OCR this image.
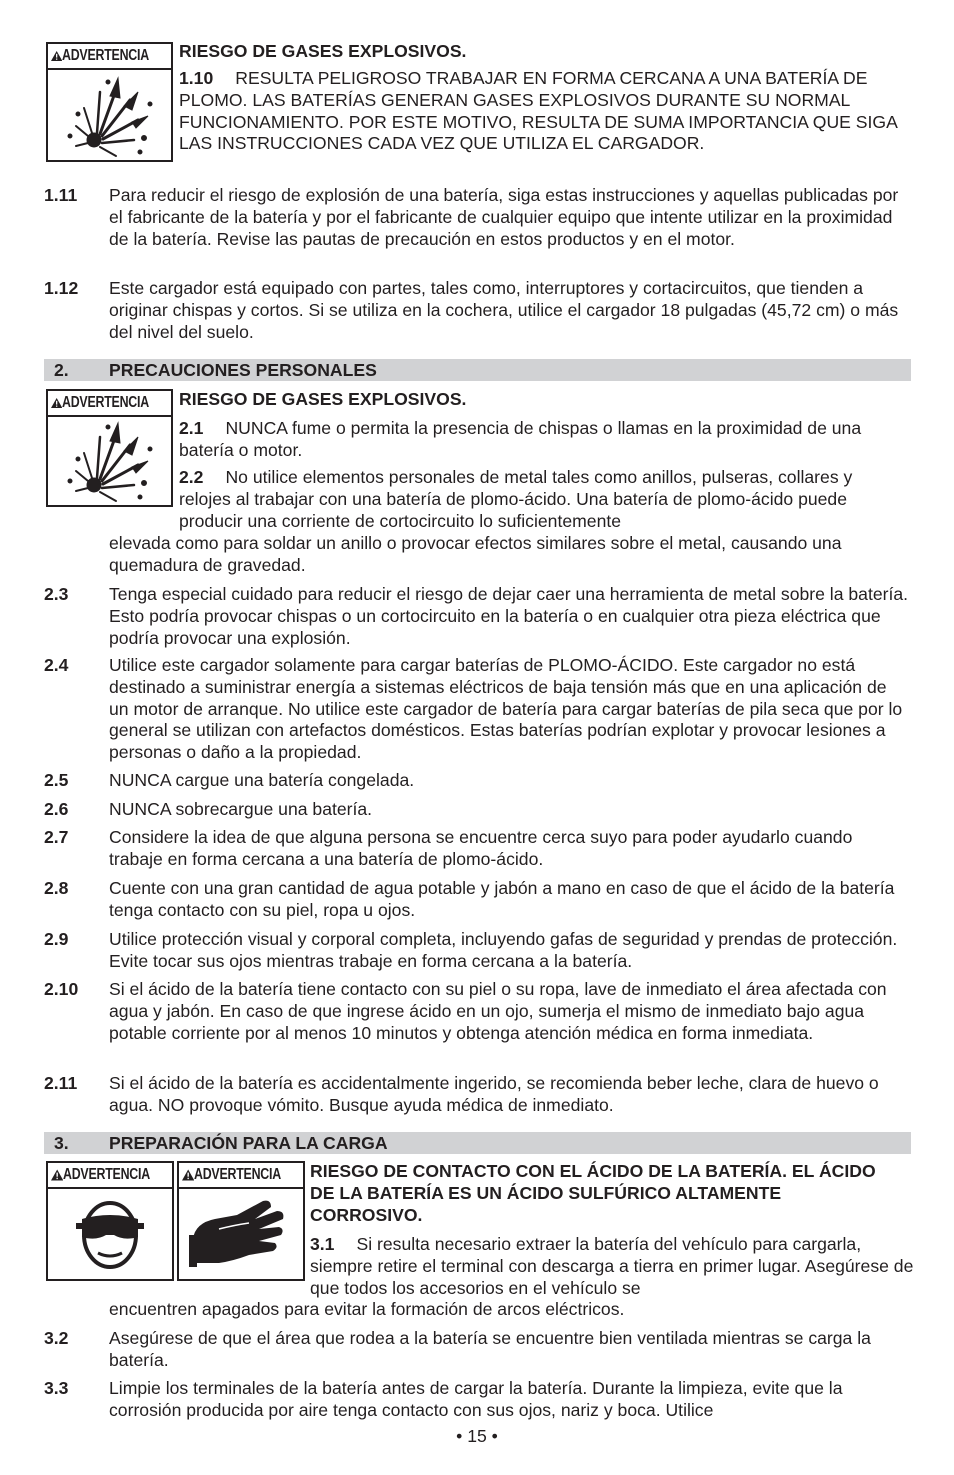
ADVERTENCIA RIESGO DE GASES EXPLOSIVOS.
1.10 RESULTA PELIGROSO TRABAJAR EN FORMA CERCANA A UNA BATERÍA DE PLOMO. LAS BATERÍAS GENERAN GASES EXPLOSIVOS DURANTE SU NORMAL FUNCIONAMIENTO. POR ESTE MOTIVO, RESULTA DE SUMA IMPORTANCIA QUE SIGA LAS INSTRUCCIONES CADA VEZ QUE UTILIZA EL CARGADOR.
1.11 Para reducir el riesgo de explosión de una batería, siga estas instrucciones y aquellas publicadas por el fabricante de la batería y por el fabricante de cualquier equipo que intente utilizar en la proximidad de la batería. Revise las pautas de precaución en estos productos y en el motor.
1.12 Este cargador está equipado con partes, tales como, interruptores y cortacircuitos, que tienden a originar chispas y cortos. Si se utiliza en la cochera, utilice el cargador 18 pulgadas (45,72 cm) o más del nivel del suelo.
2. PRECAUCIONES PERSONALES
ADVERTENCIA RIESGO DE GASES EXPLOSIVOS.
2.1 NUNCA fume o permita la presencia de chispas o llamas en la proximidad de una batería o motor.
2.2 No utilice elementos personales de metal tales como anillos, pulseras, collares y relojes al trabajar con una batería de plomo-ácido. Una batería de plomo-ácido puede producir una corriente de cortocircuito lo suficientemente
elevada como para soldar un anillo o provocar efectos similares sobre el metal, causando una quemadura de gravedad.
2.3 Tenga especial cuidado para reducir el riesgo de dejar caer una herramienta de metal sobre la batería. Esto podría provocar chispas o un cortocircuito en la batería o en cualquier otra pieza eléctrica que podría provocar una explosión.
2.4 Utilice este cargador solamente para cargar baterías de PLOMO-ÁCIDO. Este cargador no está destinado a suministrar energía a sistemas eléctricos de baja tensión más que en una aplicación de un motor de arranque. No utilice este cargador de batería para cargar baterías de pila seca que por lo general se utilizan con artefactos domésticos. Estas baterías podrían explotar y provocar lesiones a personas o daño a la propiedad.
2.5 NUNCA cargue una batería congelada.
2.6 NUNCA sobrecargue una batería.
2.7 Considere la idea de que alguna persona se encuentre cerca suyo para poder ayudarlo cuando trabaje en forma cercana a una batería de plomo-ácido.
2.8 Cuente con una gran cantidad de agua potable y jabón a mano en caso de que el ácido de la batería tenga contacto con su piel, ropa u ojos.
2.9 Utilice protección visual y corporal completa, incluyendo gafas de seguridad y prendas de protección. Evite tocar sus ojos mientras trabaje en forma cercana a la batería.
2.10 Si el ácido de la batería tiene contacto con su piel o su ropa, lave de inmediato el área afectada con agua y jabón. En caso de que ingrese ácido en un ojo, sumerja el mismo de inmediato bajo agua potable corriente por al menos 10 minutos y obtenga atención médica en forma inmediata.
2.11 Si el ácido de la batería es accidentalmente ingerido, se recomienda beber leche, clara de huevo o agua. NO provoque vómito. Busque ayuda médica de inmediato.
3. PREPARACIÓN PARA LA CARGA
ADVERTENCIA	ADVERTENCIA RIESGO DE CONTACTO CON EL ÁCIDO DE LA BATERÍA. EL ÁCIDO DE LA BATERÍA ES UN ÁCIDO SULFÚRICO ALTAMENTE CORROSIVO.
3.1 Si resulta necesario extraer la batería del vehículo para cargarla, siempre retire el terminal con descarga a tierra en primer lugar. Asegúrese de que todos los accesorios en el vehículo se
encuentren apagados para evitar la formación de arcos eléctricos.
3.2 Asegúrese de que el área que rodea a la batería se encuentre bien ventilada mientras se carga la batería.
3.3 Limpie los terminales de la batería antes de cargar la batería. Durante la limpieza, evite que la corrosión producida por aire tenga contacto con sus ojos, nariz y boca. Utilice
• 15 •
